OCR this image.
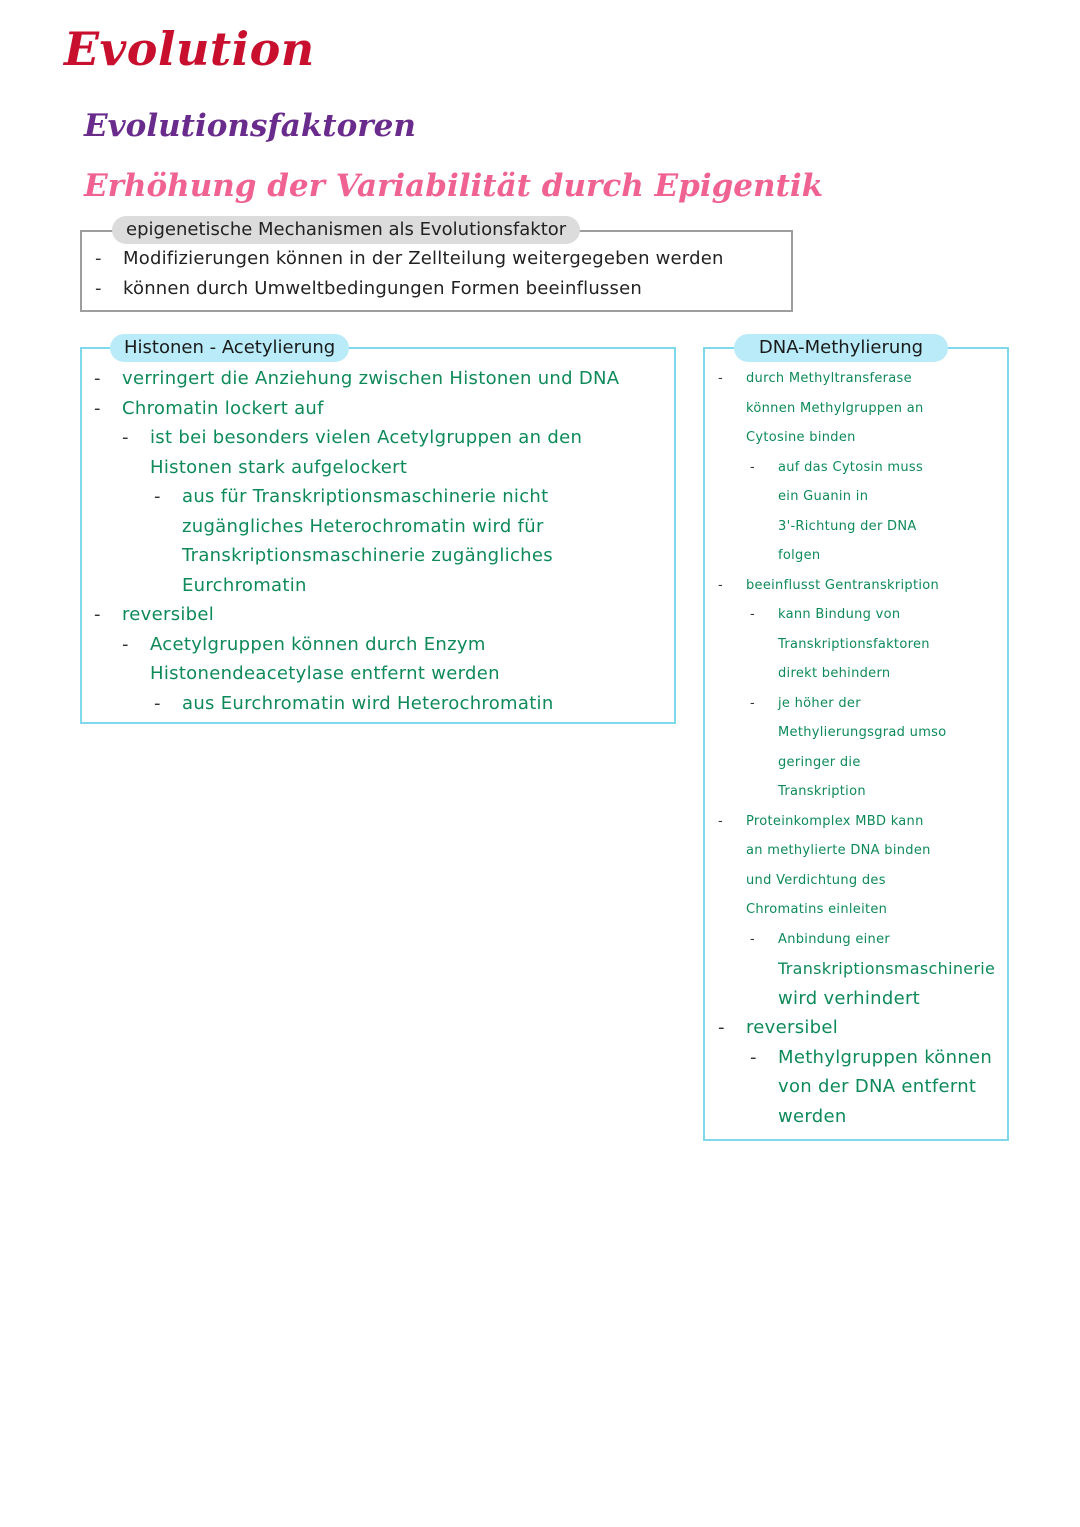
Evolution
Evolutionsfaktoren
Erhöhung der Variabilität durch Epigentik
epigenetische Mechanismen als Evolutionsfaktor
- Modifizierungen können in der Zellteilung weitergegeben werden
- können durch Umweltbedingungen Formen beeinflussen
Histonen - Acetylierung
- verringert die Anziehung zwischen Histonen und DNA
- Chromatin lockert auf
- ist bei besonders vielen Acetylgruppen an den
Histonen stark aufgelockert
- aus für Transkriptionsmaschinerie nicht
zugängliches Heterochromatin wird für
Transkriptionsmaschinerie zugängliches
Eurchromatin
- reversibel
- Acetylgruppen können durch Enzym
Histonendeacetylase entfernt werden
- aus Eurchromatin wird Heterochromatin
DNA-Methylierung
- durch Methyltransferase
können Methylgruppen an
Cytosine binden
- auf das Cytosin muss
ein Guanin in
3'-Richtung der DNA
folgen
- beeinflusst Gentranskription
- kann Bindung von
Transkriptionsfaktoren
direkt behindern
- je höher der
Methylierungsgrad umso
geringer die
Transkription
- Proteinkomplex MBD kann
an methylierte DNA binden
und Verdichtung des
Chromatins einleiten
- Anbindung einer
Transkriptionsmaschinerie
wird verhindert
- reversibel
- Methylgruppen können
von der DNA entfernt
werden
